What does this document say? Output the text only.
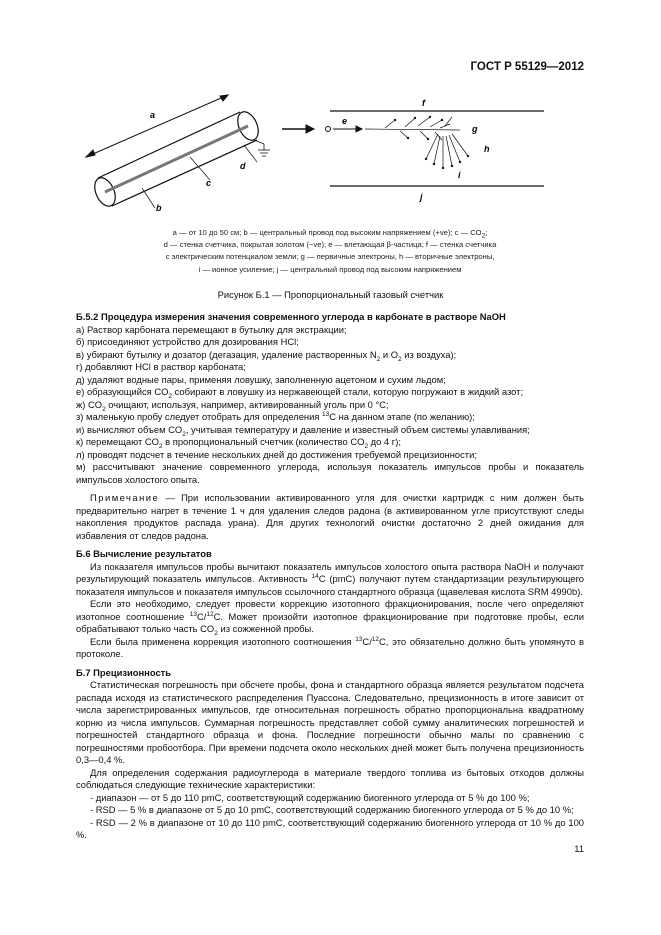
ГОСТ Р 55129—2012
a
b
c
d
e
f
g
h
i
j
a — от 10 до 50 см; b — центральный провод под высоким напряжением (+ve); c — $CO_2$;
d — стенка счетчика, покрытая золотом (−ve); e — влетающая β-частица; f — стенка счетчика
с электрическим потенциалом земли; g — первичные электроны, h — вторичные электроны,
i — ионное усиление; j — центральный провод под высоким напряжением
Рисунок Б.1 — Пропорциональный газовый счетчик

Б.5.2 Процедура измерения значения современного углерода в карбонате в растворе NaOH

а) Раствор карбоната перемещают в бутылку для экстракции;

б) присоединяют устройство для дозирования HCl;

в) убирают бутылку и дозатор (дегазация, удаление растворенных $N_2$ и $O_2$ из воздуха);

г) добавляют HCl в раствор карбоната;

д) удаляют водные пары, применяя ловушку, заполненную ацетоном и сухим льдом;

е) образующийся $CO_2$ собирают в ловушку из нержавеющей стали, которую погружают в жидкий азот;

ж) $CO_2$ очищают, используя, например, активированный уголь при 0 °C;

з) маленькую пробу следует отобрать для определения $^{13}$C на данном этапе (по желанию);

и) вычисляют объем $CO_2$, учитывая температуру и давление и известный объем системы улавливания;

к) перемещают $CO_2$ в пропорциональный счетчик (количество $CO_2$ до 4 г);

л) проводят подсчет в течение нескольких дней до достижения требуемой прецизионности;

м) рассчитывают значение современного углерода, используя показатель импульсов пробы и показатель импульсов холостого опыта.

Примечание — При использовании активированного угля для очистки картридж с ним должен быть предварительно нагрет в течение 1 ч для удаления следов радона (в активированном угле присутствуют следы накопления продуктов распада урана). Для других технологий очистки достаточно 2 дней ожидания для избавления от следов радона.

Б.6 Вычисление результатов

Из показателя импульсов пробы вычитают показатель импульсов холостого опыта раствора NaOH и получают результирующий показатель импульсов. Активность $^{14}$C (pmC) получают путем стандартизации результирующего показателя импульсов и показателя импульсов ссылочного стандартного образца (щавелевая кислота SRM 4990b).

Если это необходимо, следует провести коррекцию изотопного фракционирования, после чего определяют изотопное соотношение $^{13}$C/$^{12}$C. Может произойти изотопное фракционирование при подготовке пробы, если обрабатывают только часть $CO_2$ из сожженной пробы.

Если была применена коррекция изотопного соотношения $^{13}$C/$^{12}$C, это обязательно должно быть упомянуто в протоколе.

Б.7 Прецизионность

Статистическая погрешность при обсчете пробы, фона и стандартного образца является результатом подсчета распада исходя из статистического распределения Пуассона. Следовательно, прецизионность в итоге зависит от числа зарегистрированных импульсов, где относительная погрешность обратно пропорциональна квадратному корню из числа импульсов. Суммарная погрешность представляет собой сумму аналитических погрешностей и погрешностей стандартного образца и фона. Последние погрешности обычно малы по сравнению с погрешностями пробоотбора. При времени подсчета около нескольких дней может быть получена прецизионность 0,3—0,4 %.

Для определения содержания радиоуглерода в материале твердого топлива из бытовых отходов должны соблюдаться следующие технические характеристики:

- диапазон — от 5 до 110 pmC, соответствующий содержанию биогенного углерода от 5 % до 100 %;

- RSD — 5 % в диапазоне от 5 до 10 pmC, соответствующий содержанию биогенного углерода от 5 % до 10 %;

- RSD — 2 % в диапазоне от 10 до 110 pmC, соответствующий содержанию биогенного углерода от 10 % до 100 %.

11
